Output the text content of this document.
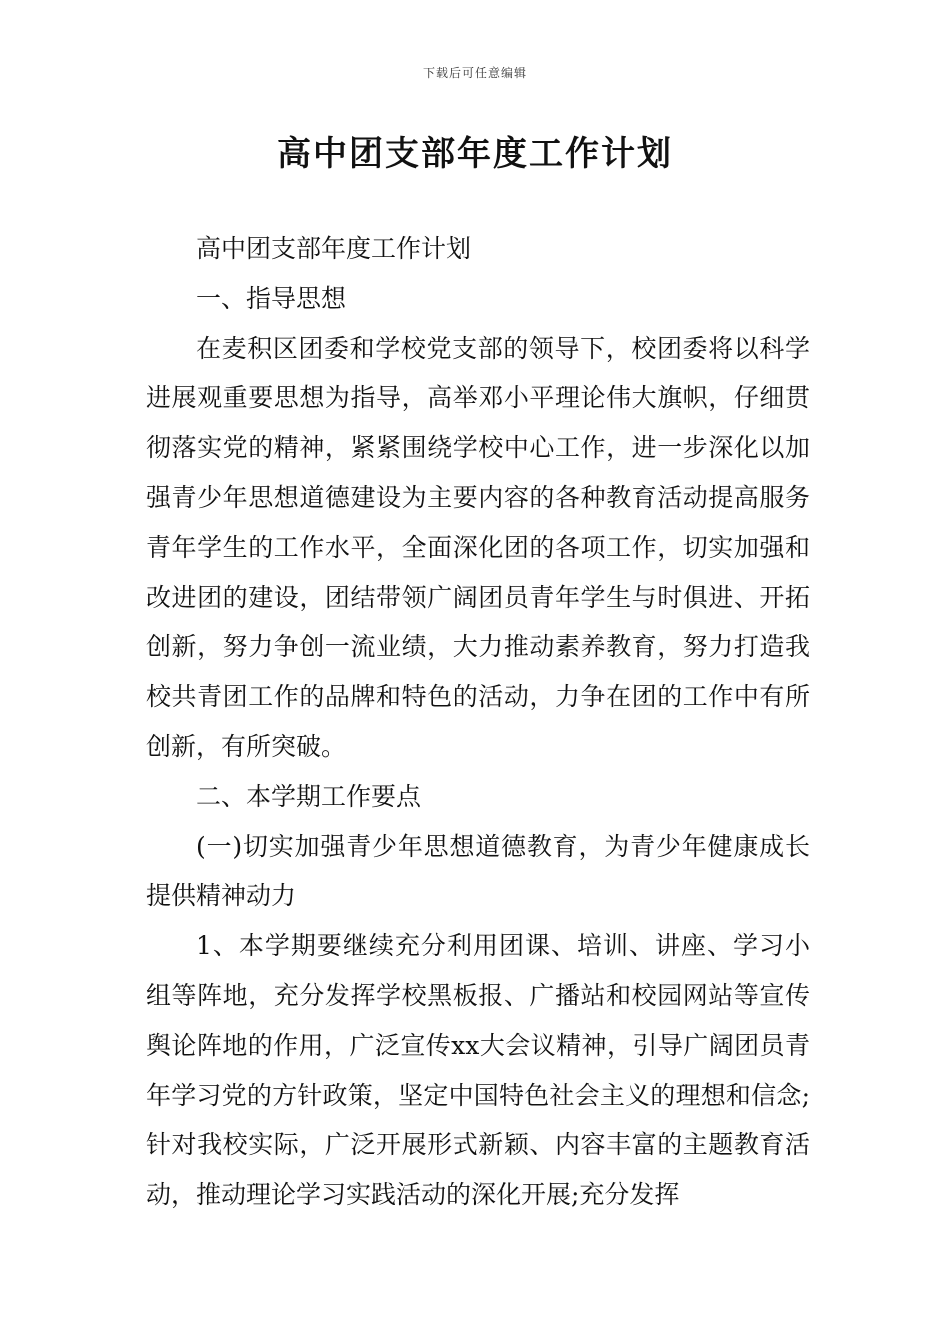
下载后可任意编辑
高中团支部年度工作计划

高中团支部年度工作计划

一、指导思想

在麦积区团委和学校党支部的领导下，校团委将以科学进展观重要思想为指导，高举邓小平理论伟大旗帜，仔细贯彻落实党的精神，紧紧围绕学校中心工作，进一步深化以加强青少年思想道德建设为主要内容的各种教育活动提高服务青年学生的工作水平，全面深化团的各项工作，切实加强和改进团的建设，团结带领广阔团员青年学生与时俱进、开拓创新，努力争创一流业绩，大力推动素养教育，努力打造我校共青团工作的品牌和特色的活动，力争在团的工作中有所创新，有所突破。

二、本学期工作要点

(一)切实加强青少年思想道德教育，为青少年健康成长提供精神动力

1、本学期要继续充分利用团课、培训、讲座、学习小组等阵地，充分发挥学校黑板报、广播站和校园网站等宣传舆论阵地的作用，广泛宣传xx大会议精神，引导广阔团员青年学习党的方针政策，坚定中国特色社会主义的理想和信念;针对我校实际，广泛开展形式新颖、内容丰富的主题教育活动，推动理论学习实践活动的深化开展;充分发挥
